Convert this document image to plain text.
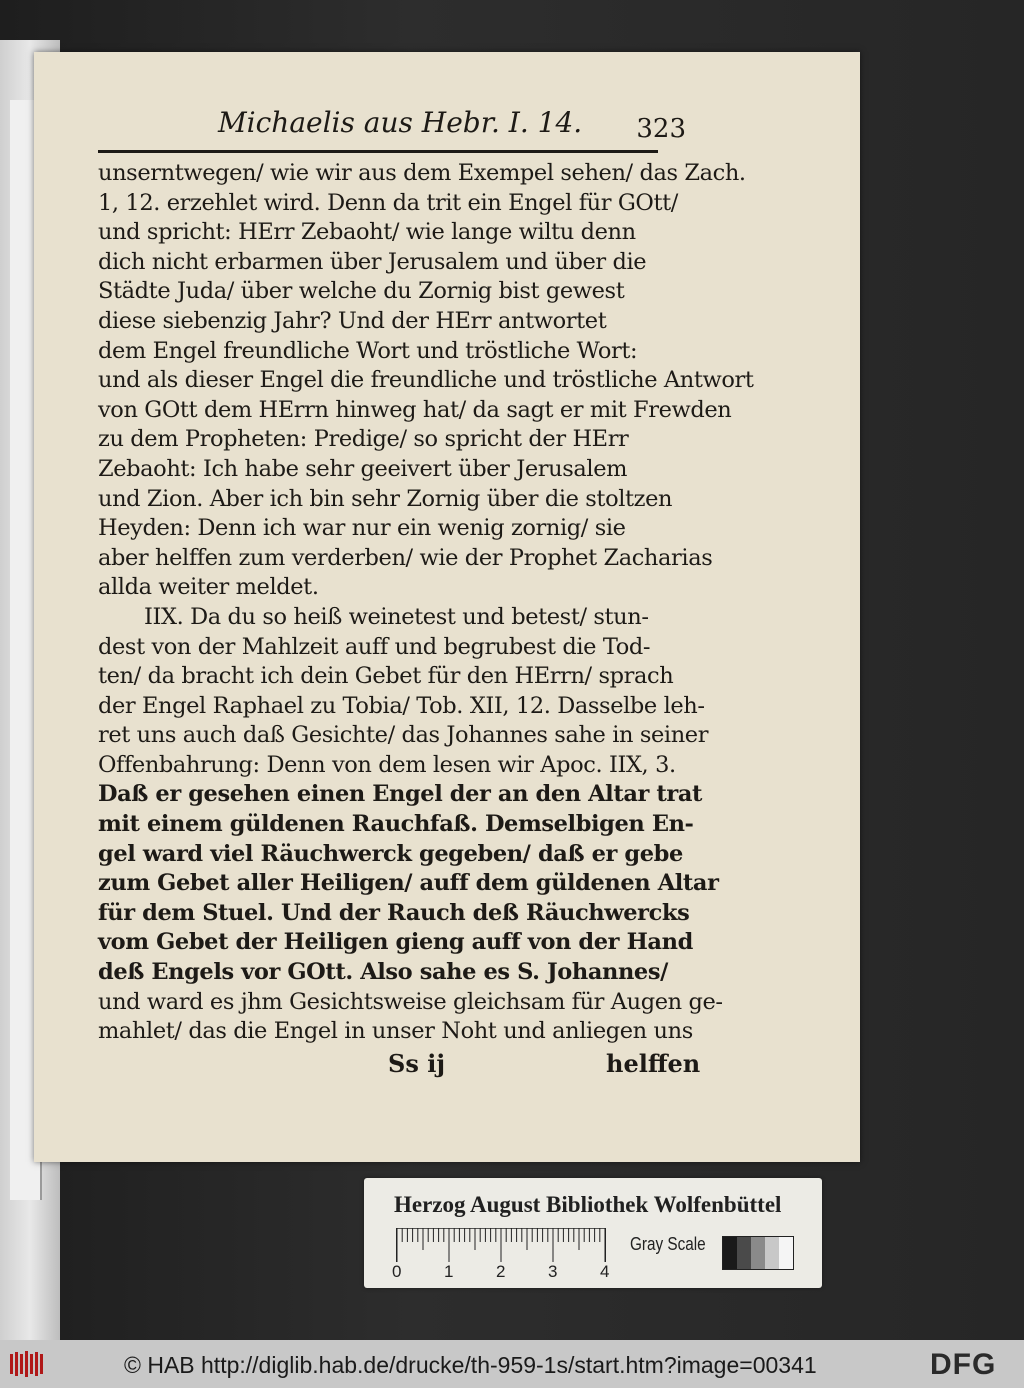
Michaelis aus Hebr. I. 14. 323
unserntwegen/ wie wir aus dem Exempel sehen/ das Zach.
1, 12. erzehlet wird. Denn da trit ein Engel für GOtt/
und spricht: HErr Zebaoht/ wie lange wiltu denn
dich nicht erbarmen über Jerusalem und über die
Städte Juda/ über welche du Zornig bist gewest
diese siebenzig Jahr? Und der HErr antwortet
dem Engel freundliche Wort und tröstliche Wort:
und als dieser Engel die freundliche und tröstliche Antwort
von GOtt dem HErrn hinweg hat/ da sagt er mit Frewden
zu dem Propheten: Predige/ so spricht der HErr
Zebaoht: Ich habe sehr geeivert über Jerusalem
und Zion. Aber ich bin sehr Zornig über die stoltzen
Heyden: Denn ich war nur ein wenig zornig/ sie
aber helffen zum verderben/ wie der Prophet Zacharias
allda weiter meldet.
IIX. Da du so heiß weinetest und betest/ stun-
dest von der Mahlzeit auff und begrubest die Tod-
ten/ da bracht ich dein Gebet für den HErrn/ sprach
der Engel Raphael zu Tobia/ Tob. XII, 12. Dasselbe leh-
ret uns auch daß Gesichte/ das Johannes sahe in seiner
Offenbahrung: Denn von dem lesen wir Apoc. IIX, 3.
Daß er gesehen einen Engel der an den Altar trat
mit einem güldenen Rauchfaß. Demselbigen En-
gel ward viel Räuchwerck gegeben/ daß er gebe
zum Gebet aller Heiligen/ auff dem güldenen Altar
für dem Stuel. Und der Rauch deß Räuchwercks
vom Gebet der Heiligen gieng auff von der Hand
deß Engels vor GOtt. Also sahe es S. Johannes/
und ward es jhm Gesichtsweise gleichsam für Augen ge-
mahlet/ das die Engel in unser Noht und anliegen uns
Ss ij	helffen
Herzog August Bibliothek Wolfenbüttel
0	1	2	3	4
Gray Scale
© HAB http://diglib.hab.de/drucke/th-959-1s/start.htm?image=00341	DFG
